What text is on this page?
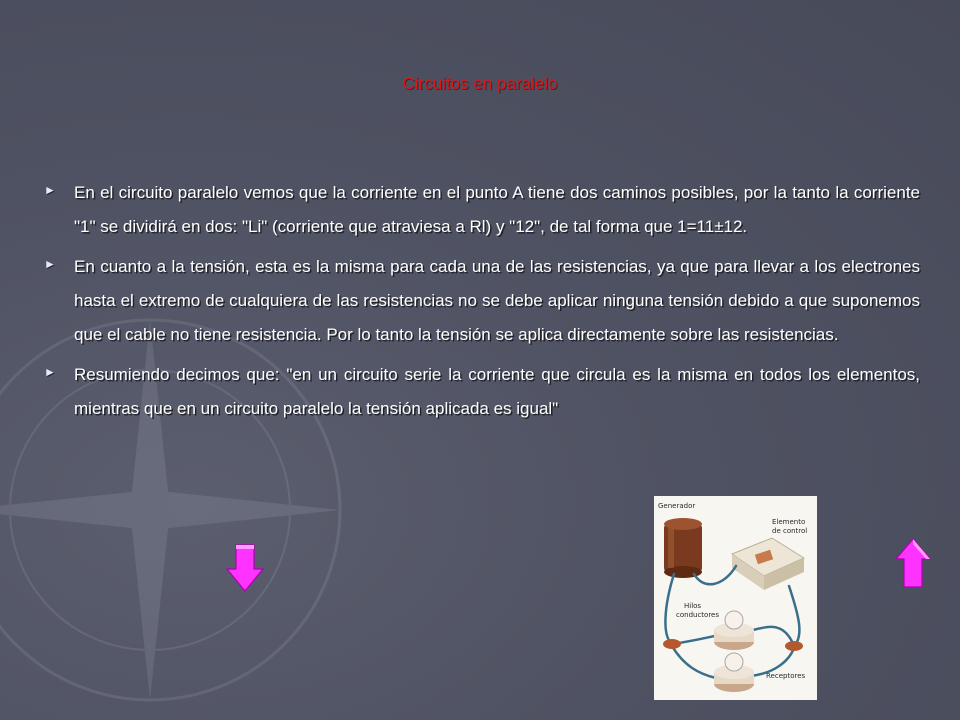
Circuitos en paralelo
►	En el circuito paralelo vemos que la corriente en el punto A tiene dos caminos posibles, por la tanto la corriente "1" se dividirá en dos: "Li" (corriente que atraviesa a Rl) y "12", de tal forma que 1=11±12.
►	En cuanto a la tensión, esta es la misma para cada una de las resistencias, ya que para llevar a los electrones hasta el extremo de cualquiera de las resistencias no se debe aplicar ninguna tensión debido a que suponemos que el cable no tiene resistencia. Por lo tanto la tensión se aplica directamente sobre las resistencias.
►	Resumiendo decimos que: "en un circuito serie la corriente que circula es la misma en todos los elementos, mientras que en un circuito paralelo la tensión aplicada es igual"
Generador
Elemento
de control
Hilos
conductores
Receptores
